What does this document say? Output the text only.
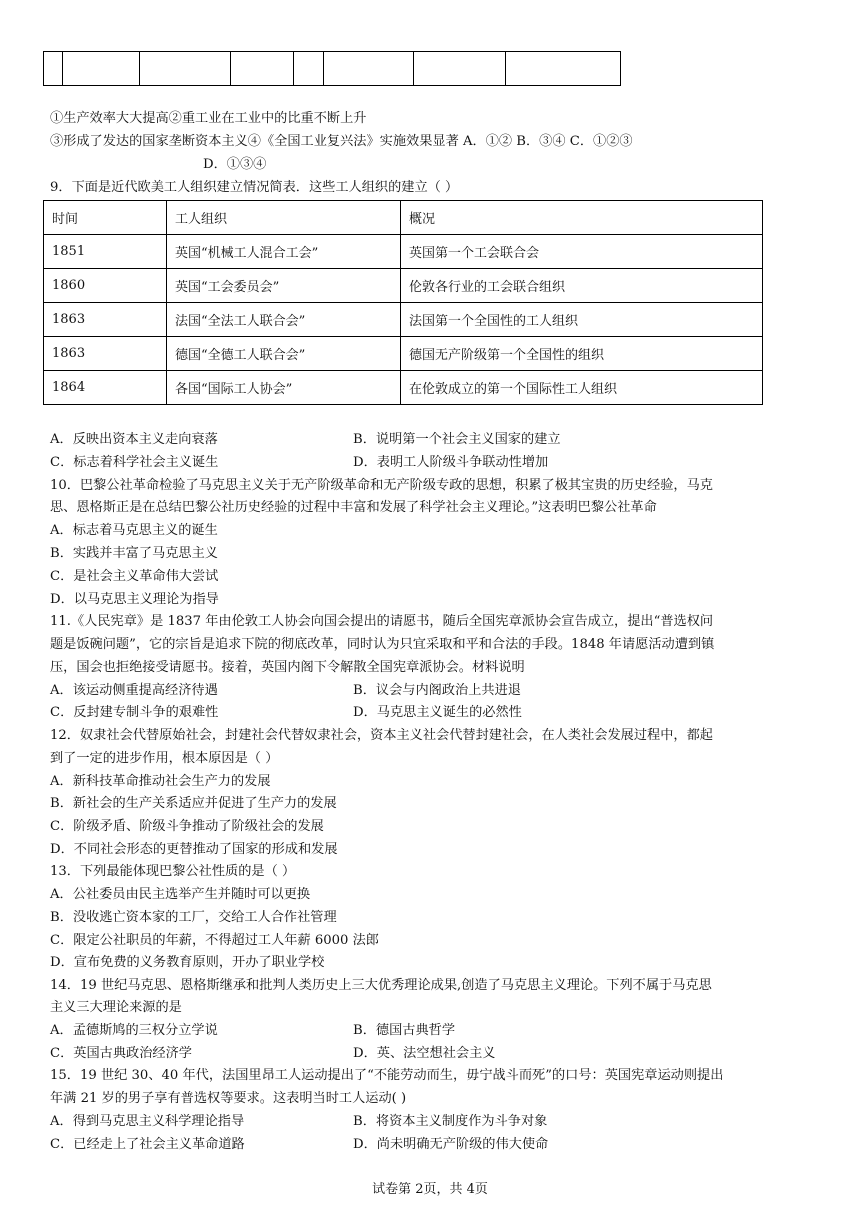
①生产效率大大提高②重工业在工业中的比重不断上升
③形成了发达的国家垄断资本主义④《全国工业复兴法》实施效果显著 A．①② B．③④ C．①②③
D．①③④
9．下面是近代欧美工人组织建立情况简表．这些工人组织的建立（ ）
时间	工人组织	概况
1851	英国“机械工人混合工会”	英国第一个工会联合会
1860	英国“工会委员会”	伦敦各行业的工会联合组织
1863	法国“全法工人联合会”	法国第一个全国性的工人组织
1863	德国“全德工人联合会”	德国无产阶级第一个全国性的组织
1864	各国“国际工人协会”	在伦敦成立的第一个国际性工人组织
A．反映出资本主义走向衰落	B．说明第一个社会主义国家的建立
C．标志着科学社会主义诞生	D．表明工人阶级斗争联动性增加
10．巴黎公社革命检验了马克思主义关于无产阶级革命和无产阶级专政的思想，积累了极其宝贵的历史经验，马克
思、恩格斯正是在总结巴黎公社历史经验的过程中丰富和发展了科学社会主义理论。”这表明巴黎公社革命
A．标志着马克思主义的诞生
B．实践并丰富了马克思主义
C．是社会主义革命伟大尝试
D．以马克思主义理论为指导
11.《人民宪章》是 1837 年由伦敦工人协会向国会提出的请愿书，随后全国宪章派协会宣告成立，提出“普选权问
题是饭碗问题”，它的宗旨是追求下院的彻底改革，同时认为只宜采取和平和合法的手段。1848 年请愿活动遭到镇
压，国会也拒绝接受请愿书。接着，英国内阁下令解散全国宪章派协会。材料说明
A．该运动侧重提高经济待遇	B．议会与内阁政治上共进退
C．反封建专制斗争的艰难性	D．马克思主义诞生的必然性
12．奴隶社会代替原始社会，封建社会代替奴隶社会，资本主义社会代替封建社会，在人类社会发展过程中，都起
到了一定的进步作用，根本原因是（ ）
A．新科技革命推动社会生产力的发展
B．新社会的生产关系适应并促进了生产力的发展
C．阶级矛盾、阶级斗争推动了阶级社会的发展
D．不同社会形态的更替推动了国家的形成和发展
13．下列最能体现巴黎公社性质的是（ ）
A．公社委员由民主选举产生并随时可以更换
B．没收逃亡资本家的工厂，交给工人合作社管理
C．限定公社职员的年薪，不得超过工人年薪 6000 法郎
D．宣布免费的义务教育原则，开办了职业学校
14．19 世纪马克思、恩格斯继承和批判人类历史上三大优秀理论成果,创造了马克思主义理论。下列不属于马克思
主义三大理论来源的是
A．孟德斯鸠的三权分立学说	B．德国古典哲学
C．英国古典政治经济学	D．英、法空想社会主义
15．19 世纪 30、40 年代，法国里昂工人运动提出了“不能劳动而生，毋宁战斗而死”的口号：英国宪章运动则提出
年满 21 岁的男子享有普选权等要求。这表明当时工人运动( )
A．得到马克思主义科学理论指导	B．将资本主义制度作为斗争对象
C．已经走上了社会主义革命道路	D．尚未明确无产阶级的伟大使命
试卷第 2页，共 4页
